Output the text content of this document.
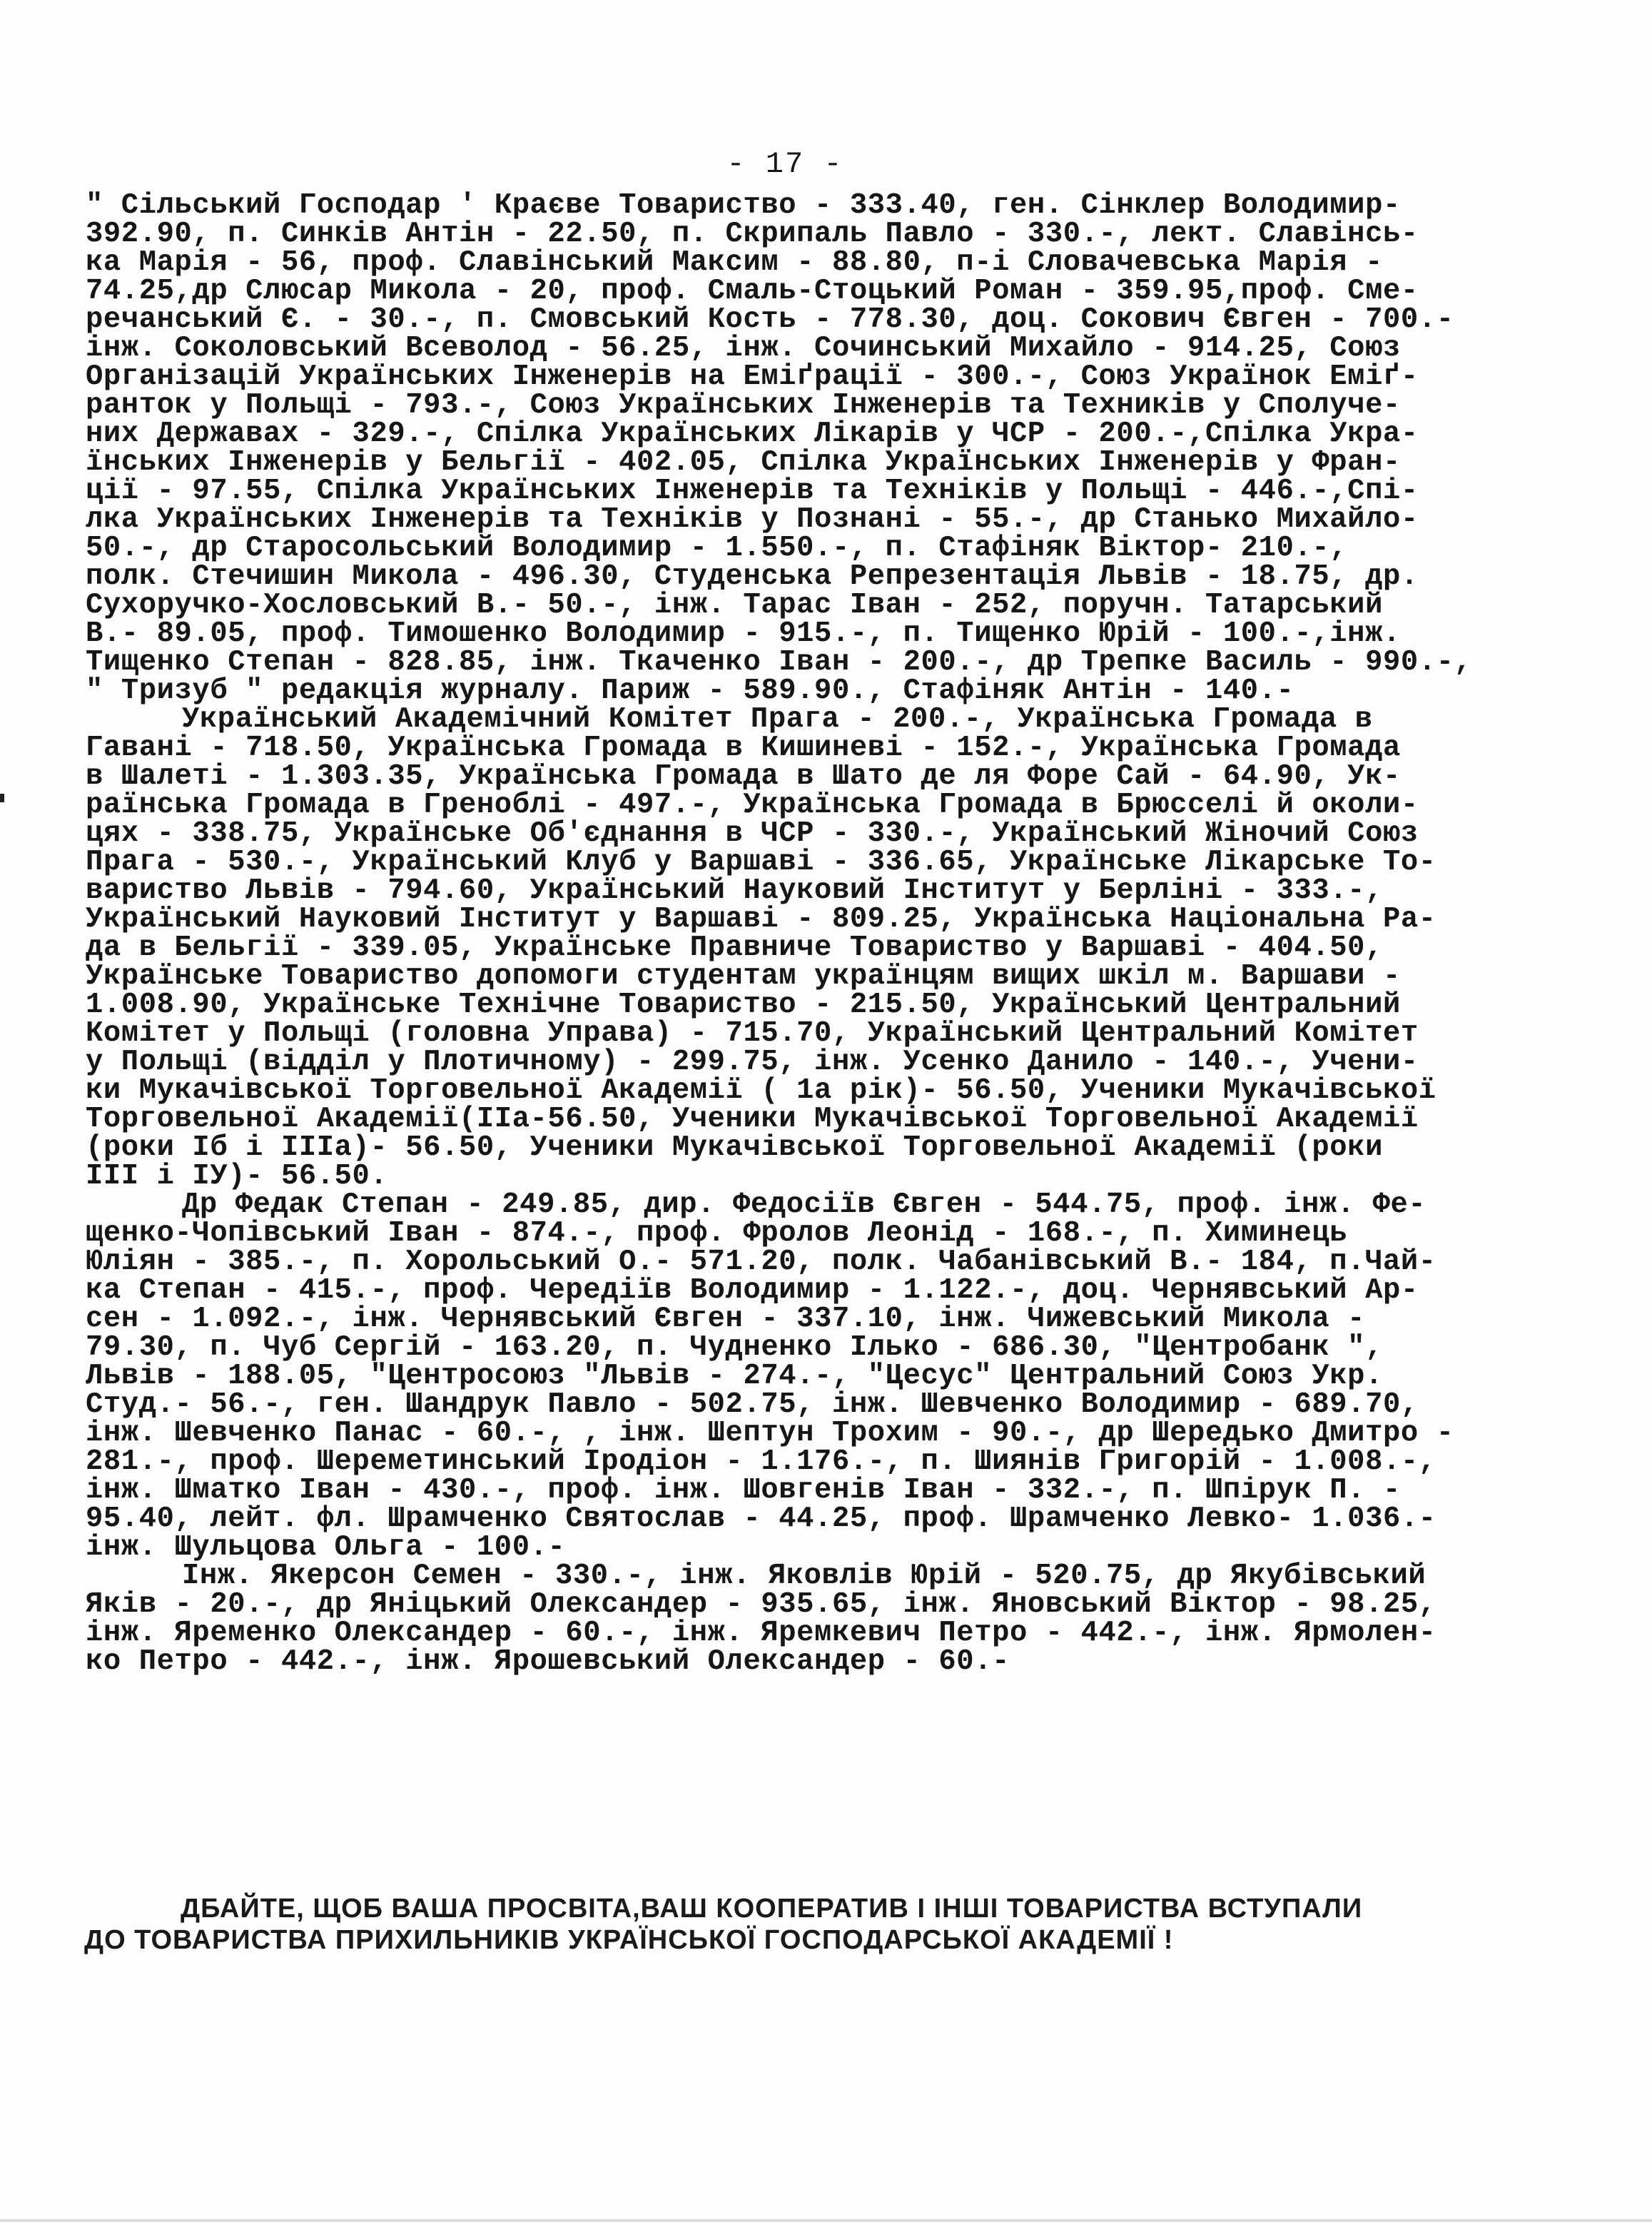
- 17 -

" Сільський Господар ' Краєве Товариство - 333.40, ген. Сінклер Володимир-
392.90, п. Синків Антін - 22.50, п. Скрипаль Павло - 330.-, лект. Славінсь-
ка Марія - 56, проф. Славінський Максим - 88.80, п-і Словачевська Марія -
74.25,др Слюсар Микола - 20, проф. Смаль-Стоцький Роман - 359.95,проф. Сме-
речанський Є. - 30.-, п. Смовський Кость - 778.30, доц. Сокович Євген - 700.-
інж. Соколовський Всеволод - 56.25, інж. Сочинський Михайло - 914.25, Союз
Організацій Українських Інженерів на Еміґрації - 300.-, Союз Українок Еміґ-
ранток у Польщі - 793.-, Союз Українських Інженерів та Техників у Сполуче-
них Державах - 329.-, Спілка Українських Лікарів у ЧСР - 200.-,Спілка Укра-
їнських Інженерів у Бельгії - 402.05, Спілка Українських Інженерів у Фран-
ції - 97.55, Спілка Українських Інженерів та Техніків у Польщі - 446.-,Спі-
лка Українських Інженерів та Техніків у Познані - 55.-, др Станько Михайло-
50.-, др Старосольський Володимир - 1.550.-, п. Стафіняк Віктор- 210.-,
полк. Стечишин Микола - 496.30, Студенська Репрезентація Львів - 18.75, др.
Сухоручко-Хословський В.- 50.-, інж. Тарас Іван - 252, поручн. Татарський
В.- 89.05, проф. Тимошенко Володимир - 915.-, п. Тищенко Юрій - 100.-,інж.
Тищенко Степан - 828.85, інж. Ткаченко Іван - 200.-, др Трепке Василь - 990.-,
" Тризуб " редакція журналу. Париж - 589.90., Стафіняк Антін - 140.-
Український Академічний Комітет Прага - 200.-, Українська Громада в
Гавані - 718.50, Українська Громада в Кишиневі - 152.-, Українська Громада
в Шалеті - 1.303.35, Українська Громада в Шато де ля Форе Сай - 64.90, Ук-
раїнська Громада в Гренoблі - 497.-, Українська Громада в Брюсселі й околи-
цях - 338.75, Українське Об'єднання в ЧСР - 330.-, Український Жіночий Союз
Прага - 530.-, Український Клуб у Варшаві - 336.65, Українське Лікарське То-
вариство Львів - 794.60, Український Науковий Інститут у Берліні - 333.-,
Український Науковий Інститут у Варшаві - 809.25, Українська Національна Ра-
да в Бельгії - 339.05, Українське Правниче Товариство у Варшаві - 404.50,
Українське Товариство допомоги студентам українцям вищих шкіл м. Варшави -
1.008.90, Українське Технічне Товариство - 215.50, Український Центральний
Комітет у Польщі (головна Управа) - 715.70, Український Центральний Комітет
у Польщі (відділ у Плотичному) - 299.75, інж. Усенко Данило - 140.-, Учени-
ки Мукачівської Торговельної Академії ( 1а рік)- 56.50, Ученики Мукачівської
Торговельної Академії(IIа-56.50, Ученики Мукачівської Торговельної Академії
(роки Іб і IIIа)- 56.50, Ученики Мукачівської Торговельної Академії (роки
III і IУ)- 56.50.
Др Федак Степан - 249.85, дир. Федосіїв Євген - 544.75, проф. інж. Фе-
щенко-Чопівський Іван - 874.-, проф. Фролов Леонід - 168.-, п. Химинець
Юліян - 385.-, п. Хорольський О.- 571.20, полк. Чабанівський В.- 184, п.Чай-
ка Степан - 415.-, проф. Чередіїв Володимир - 1.122.-, доц. Чернявський Ар-
сен - 1.092.-, інж. Чернявський Євген - 337.10, інж. Чижевський Микола -
79.30, п. Чуб Сергій - 163.20, п. Чудненко Ілько - 686.30, "Центробанк ",
Львів - 188.05, "Центросоюз "Львів - 274.-, "Цесус" Центральний Союз Укр.
Студ.- 56.-, ген. Шандрук Павло - 502.75, інж. Шевченко Володимир - 689.70,
інж. Шевченко Панас - 60.-, , інж. Шептун Трохим - 90.-, др Шередько Дмитро -
281.-, проф. Шереметинський Іродіон - 1.176.-, п. Шиянів Григорій - 1.008.-,
інж. Шматко Іван - 430.-, проф. інж. Шовгенів Іван - 332.-, п. Шпірук П. -
95.40, лейт. фл. Шрамченко Святослав - 44.25, проф. Шрамченко Левко- 1.036.-
інж. Шульцова Ольга - 100.-
Інж. Якерсон Семен - 330.-, інж. Яковлів Юрій - 520.75, др Якубівський
Яків - 20.-, др Яніцький Олександер - 935.65, інж. Яновський Віктор - 98.25,
інж. Яременко Олександер - 60.-, інж. Яремкевич Петро - 442.-, інж. Ярмолен-
ко Петро - 442.-, інж. Ярошевський Олександер - 60.-
ДБАЙТЕ, ЩОБ ВАША ПРОСВІТА,ВАШ КООПЕРАТИВ І ІНШІ ТОВАРИСТВА ВСТУПАЛИ
ДО ТОВАРИСТВА ПРИХИЛЬНИКІВ УКРАЇНСЬКОЇ ГОСПОДАРСЬКОЇ АКАДЕМІЇ !
